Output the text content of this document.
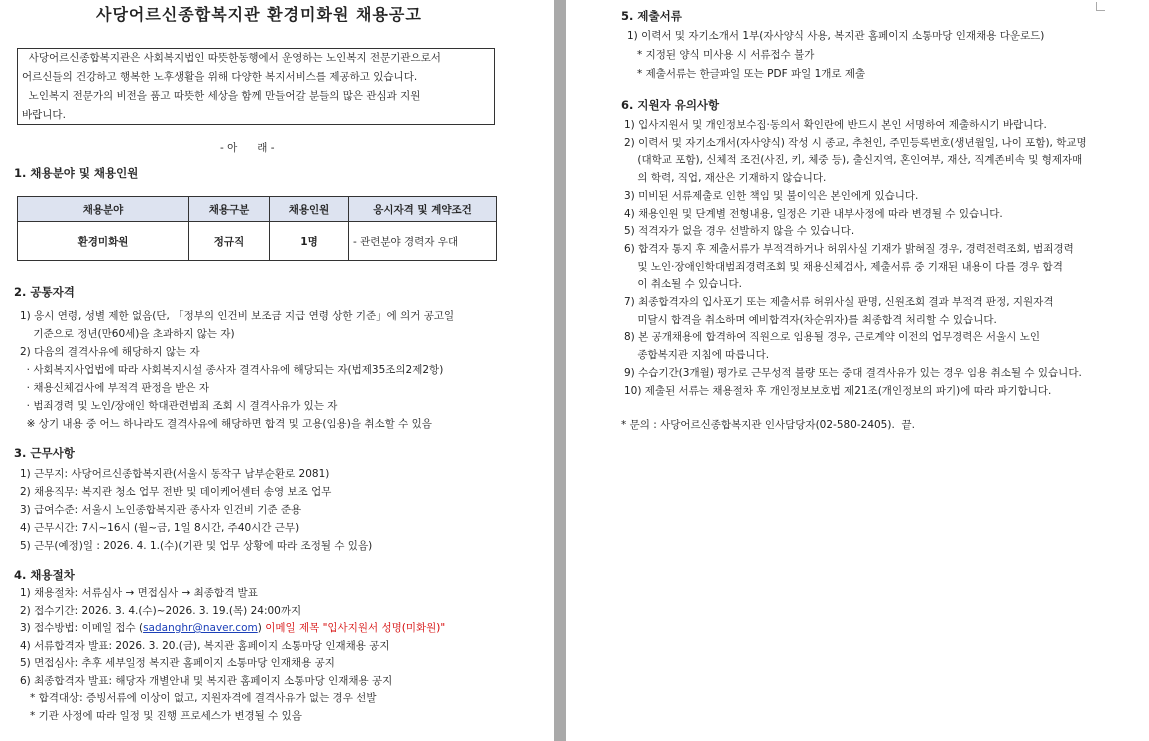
사당어르신종합복지관 환경미화원 채용공고
사당어르신종합복지관은 사회복지법인 따뜻한동행에서 운영하는 노인복지 전문기관으로서
어르신들의 건강하고 행복한 노후생활을 위해 다양한 복지서비스를 제공하고 있습니다.
노인복지 전문가의 비전을 품고 따뜻한 세상을 함께 만들어갈 분들의 많은 관심과 지원
바랍니다.
- 아      래 -
1. 채용분야 및 채용인원
채용분야	채용구분	채용인원	응시자격 및 계약조건
환경미화원	정규직	1명	- 관련분야 경력자 우대
2. 공통자격
1) 응시 연령, 성별 제한 없음(단, 「정부의 인건비 보조금 지급 연령 상한 기준」에 의거 공고일
기준으로 정년(만60세)을 초과하지 않는 자)
2) 다음의 결격사유에 해당하지 않는 자
· 사회복지사업법에 따라 사회복지시설 종사자 결격사유에 해당되는 자(법제35조의2제2항)
· 채용신체검사에 부적격 판정을 받은 자
· 범죄경력 및 노인/장애인 학대관련범죄 조회 시 결격사유가 있는 자
※ 상기 내용 중 어느 하나라도 결격사유에 해당하면 합격 및 고용(임용)을 취소할 수 있음
3. 근무사항
1) 근무지: 사당어르신종합복지관(서울시 동작구 남부순환로 2081)
2) 채용직무: 복지관 청소 업무 전반 및 데이케어센터 송영 보조 업무
3) 급여수준: 서울시 노인종합복지관 종사자 인건비 기준 준용
4) 근무시간: 7시~16시 (월~금, 1일 8시간, 주40시간 근무)
5) 근무(예정)일 : 2026. 4. 1.(수)(기관 및 업무 상황에 따라 조정될 수 있음)
4. 채용절차
1) 채용절차: 서류심사 → 면접심사 → 최종합격 발표
2) 접수기간: 2026. 3. 4.(수)~2026. 3. 19.(목) 24:00까지
3) 접수방법: 이메일 접수 (sadanghr@naver.com) 이메일 제목 "입사지원서 성명(미화원)"
4) 서류합격자 발표: 2026. 3. 20.(금), 복지관 홈페이지 소통마당 인재채용 공지
5) 면접심사: 추후 세부일정 복지관 홈페이지 소통마당 인재채용 공지
6) 최종합격자 발표: 해당자 개별안내 및 복지관 홈페이지 소통마당 인재채용 공지
* 합격대상: 증빙서류에 이상이 없고, 지원자격에 결격사유가 없는 경우 선발
* 기관 사정에 따라 일정 및 진행 프로세스가 변경될 수 있음
5. 제출서류
1) 이력서 및 자기소개서 1부(자사양식 사용, 복지관 홈페이지 소통마당 인재채용 다운로드)
* 지정된 양식 미사용 시 서류접수 불가
* 제출서류는 한글파일 또는 PDF 파일 1개로 제출
6. 지원자 유의사항
1) 입사지원서 및 개인정보수집·동의서 확인란에 반드시 본인 서명하여 제출하시기 바랍니다.
2) 이력서 및 자기소개서(자사양식) 작성 시 종교, 추천인, 주민등록번호(생년월일, 나이 포함), 학교명
(대학교 포함), 신체적 조건(사진, 키, 체중 등), 출신지역, 혼인여부, 재산, 직계존비속 및 형제자매
의 학력, 직업, 재산은 기재하지 않습니다.
3) 미비된 서류제출로 인한 책임 및 불이익은 본인에게 있습니다.
4) 채용인원 및 단계별 전형내용, 일정은 기관 내부사정에 따라 변경될 수 있습니다.
5) 적격자가 없을 경우 선발하지 않을 수 있습니다.
6) 합격자 통지 후 제출서류가 부적격하거나 허위사실 기재가 밝혀질 경우, 경력전력조회, 범죄경력
및 노인·장애인학대범죄경력조회 및 채용신체검사, 제출서류 중 기재된 내용이 다를 경우 합격
이 취소될 수 있습니다.
7) 최종합격자의 입사포기 또는 제출서류 허위사실 판명, 신원조회 결과 부적격 판정, 지원자격
미달시 합격을 취소하며 예비합격자(차순위자)를 최종합격 처리할 수 있습니다.
8) 본 공개채용에 합격하여 직원으로 임용될 경우, 근로계약 이전의 업무경력은 서울시 노인
종합복지관 지침에 따릅니다.
9) 수습기간(3개월) 평가로 근무성적 불량 또는 중대 결격사유가 있는 경우 임용 취소될 수 있습니다.
10) 제출된 서류는 채용절차 후 개인정보보호법 제21조(개인정보의 파기)에 따라 파기합니다.
* 문의 : 사당어르신종합복지관 인사담당자(02-580-2405).  끝.
